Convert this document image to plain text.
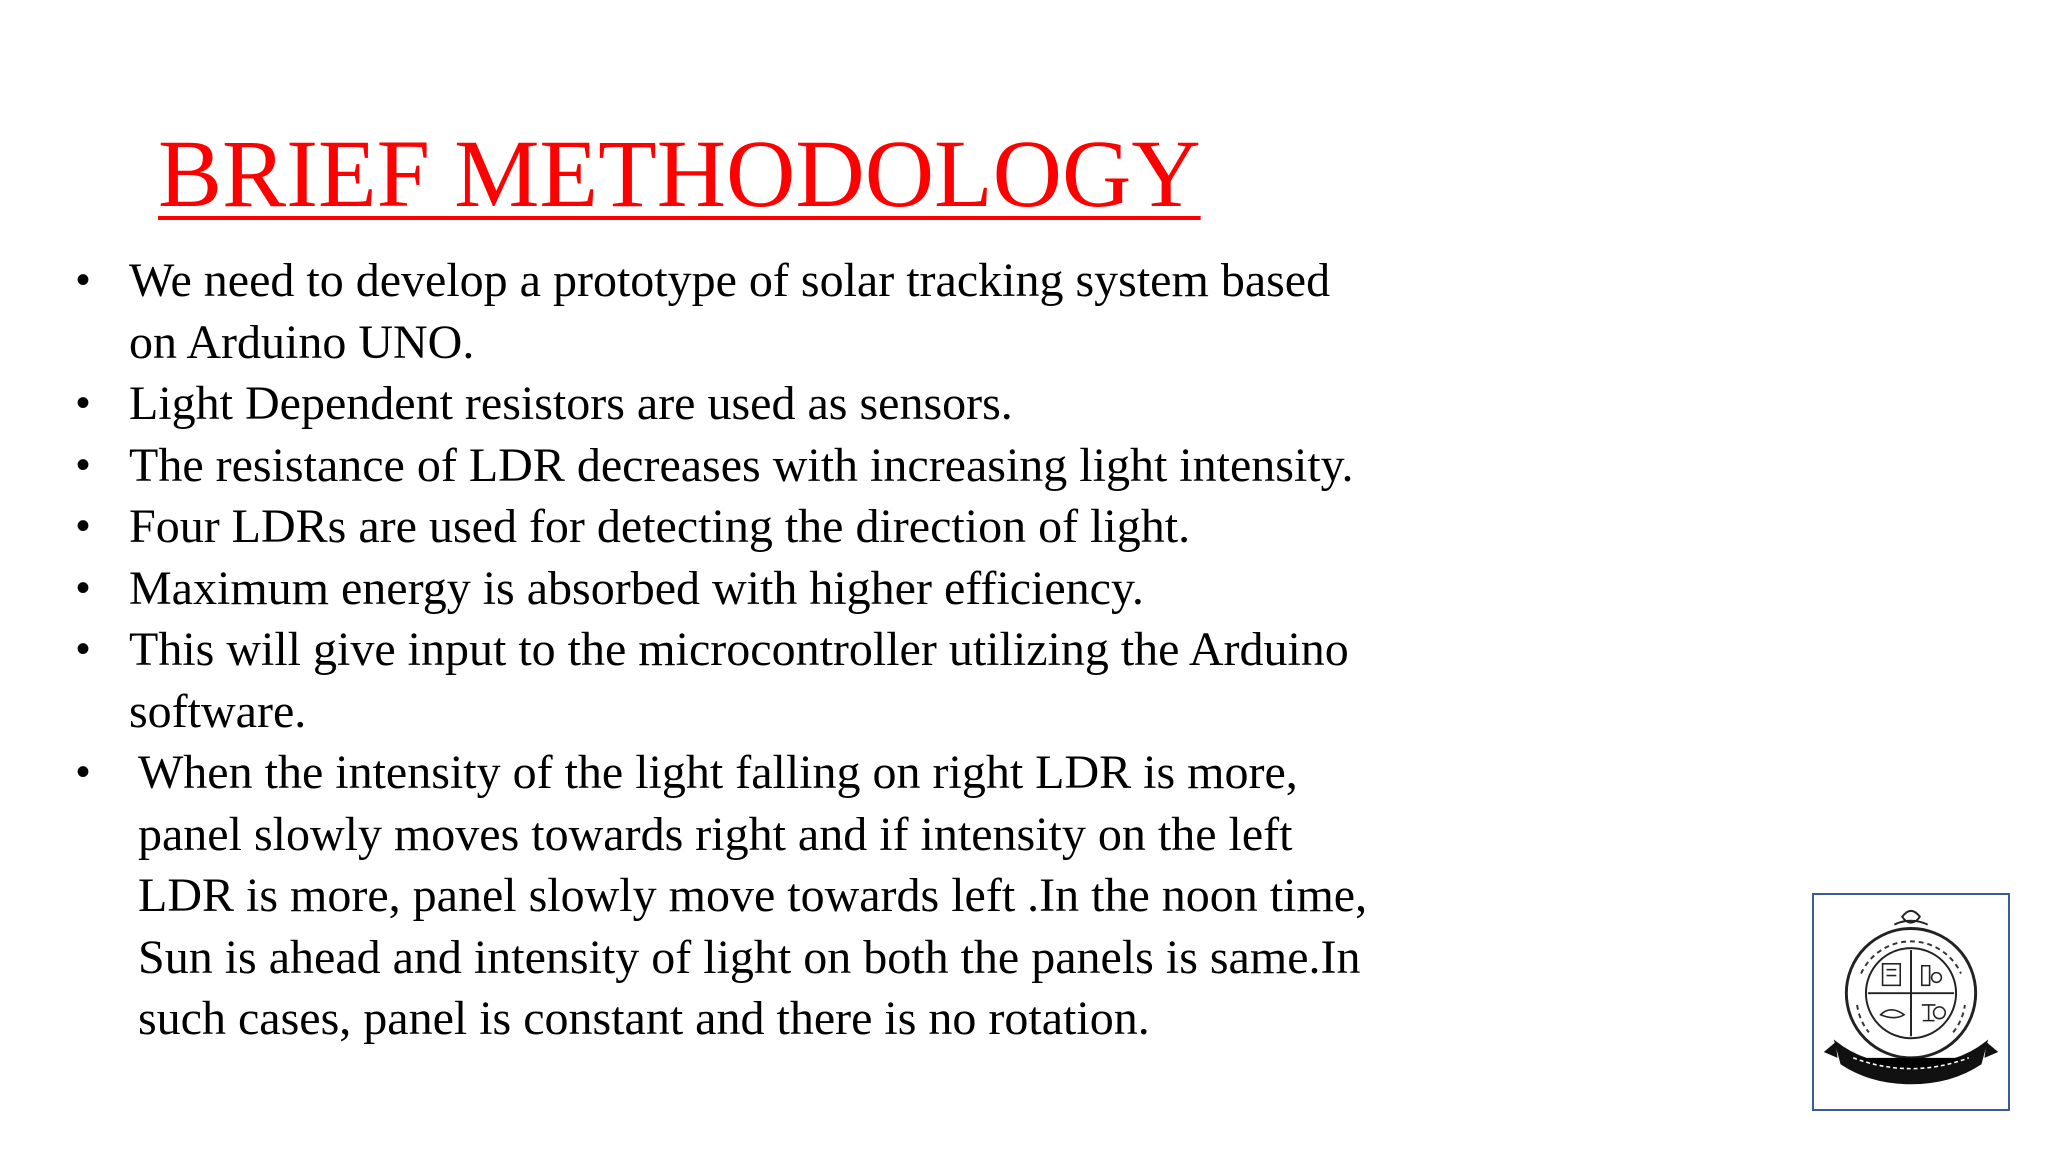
BRIEF METHODOLOGY
• We need to develop a prototype of solar tracking system based
on Arduino UNO.
• Light Dependent resistors are used as sensors.
• The resistance of LDR decreases with increasing light intensity.
• Four LDRs are used for detecting the direction of light.
• Maximum energy is absorbed with higher efficiency.
• This will give input to the microcontroller utilizing the Arduino
software.
• When the intensity of the light falling on right LDR is more,
panel slowly moves towards right and if intensity on the left
LDR is more, panel slowly move towards left .In the noon time,
Sun is ahead and intensity of light on both the panels is same.In
such cases, panel is constant and there is no rotation.
